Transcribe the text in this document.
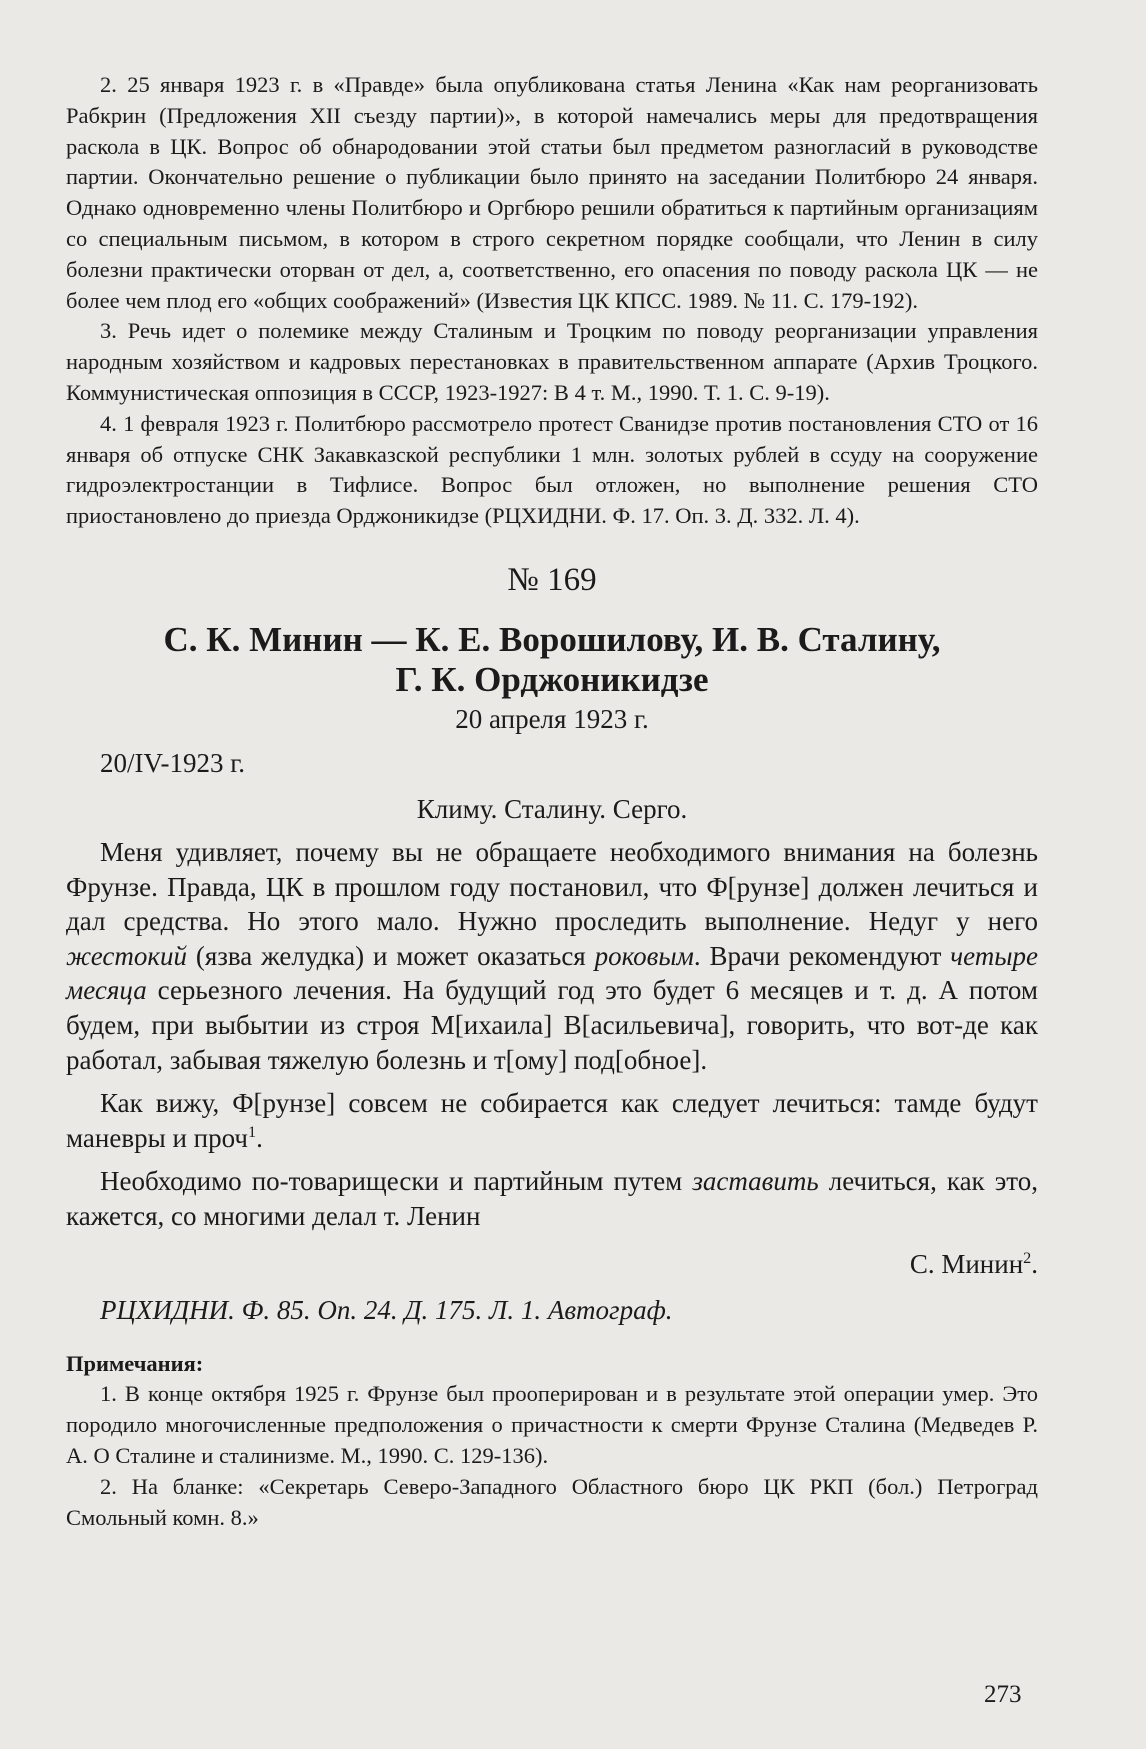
2. 25 января 1923 г. в «Правде» была опубликована статья Ленина «Как нам реорганизовать Рабкрин (Предложения XII съезду партии)», в которой намечались меры для предотвращения раскола в ЦК. Вопрос об обнародовании этой статьи был предметом разногласий в руководстве партии. Окончательно решение о публикации было принято на заседании Политбюро 24 января. Однако одновременно члены Политбюро и Оргбюро решили обратиться к партийным организациям со специальным письмом, в котором в строго секретном порядке сообщали, что Ленин в силу болезни практически оторван от дел, а, соответственно, его опасения по поводу раскола ЦК — не более чем плод его «общих соображений» (Известия ЦК КПСС. 1989. № 11. С. 179-192).

3. Речь идет о полемике между Сталиным и Троцким по поводу реорганизации управления народным хозяйством и кадровых перестановках в правительственном аппарате (Архив Троцкого. Коммунистическая оппозиция в СССР, 1923-1927: В 4 т. М., 1990. Т. 1. С. 9-19).

4. 1 февраля 1923 г. Политбюро рассмотрело протест Сванидзе против постановления СТО от 16 января об отпуске СНК Закавказской республики 1 млн. золотых рублей в ссуду на сооружение гидроэлектростанции в Тифлисе. Вопрос был отложен, но выполнение решения СТО приостановлено до приезда Орджоникидзе (РЦХИДНИ. Ф. 17. Оп. 3. Д. 332. Л. 4).

№ 169
С. К. Минин — К. Е. Ворошилову, И. В. Сталину,
Г. К. Орджоникидзе
20 апреля 1923 г.
20/IV-1923 г.
Климу. Сталину. Серго.

Меня удивляет, почему вы не обращаете необходимого внимания на болезнь Фрунзе. Правда, ЦК в прошлом году постановил, что Ф[рунзе] должен лечиться и дал средства. Но этого мало. Нужно проследить выполнение. Недуг у него жестокий (язва желудка) и может оказаться роковым. Врачи рекомендуют четыре месяца серьезного лечения. На будущий год это будет 6 месяцев и т. д. А потом будем, при выбытии из строя М[ихаила] В[асильевича], говорить, что вот-де как работал, забывая тяжелую болезнь и т[ому] под[обное].

Как вижу, Ф[рунзе] совсем не собирается как следует лечиться: тамде будут маневры и проч$^1$.

Необходимо по-товарищески и партийным путем заставить лечиться, как это, кажется, со многими делал т. Ленин

С. Минин$^2$.
РЦХИДНИ. Ф. 85. Оп. 24. Д. 175. Л. 1. Автограф.
Примечания:

1. В конце октября 1925 г. Фрунзе был прооперирован и в результате этой операции умер. Это породило многочисленные предположения о причастности к смерти Фрунзе Сталина (Медведев Р. А. О Сталине и сталинизме. М., 1990. С. 129-136).

2. На бланке: «Секретарь Северо-Западного Областного бюро ЦК РКП (бол.) Петроград Смольный комн. 8.»

273
